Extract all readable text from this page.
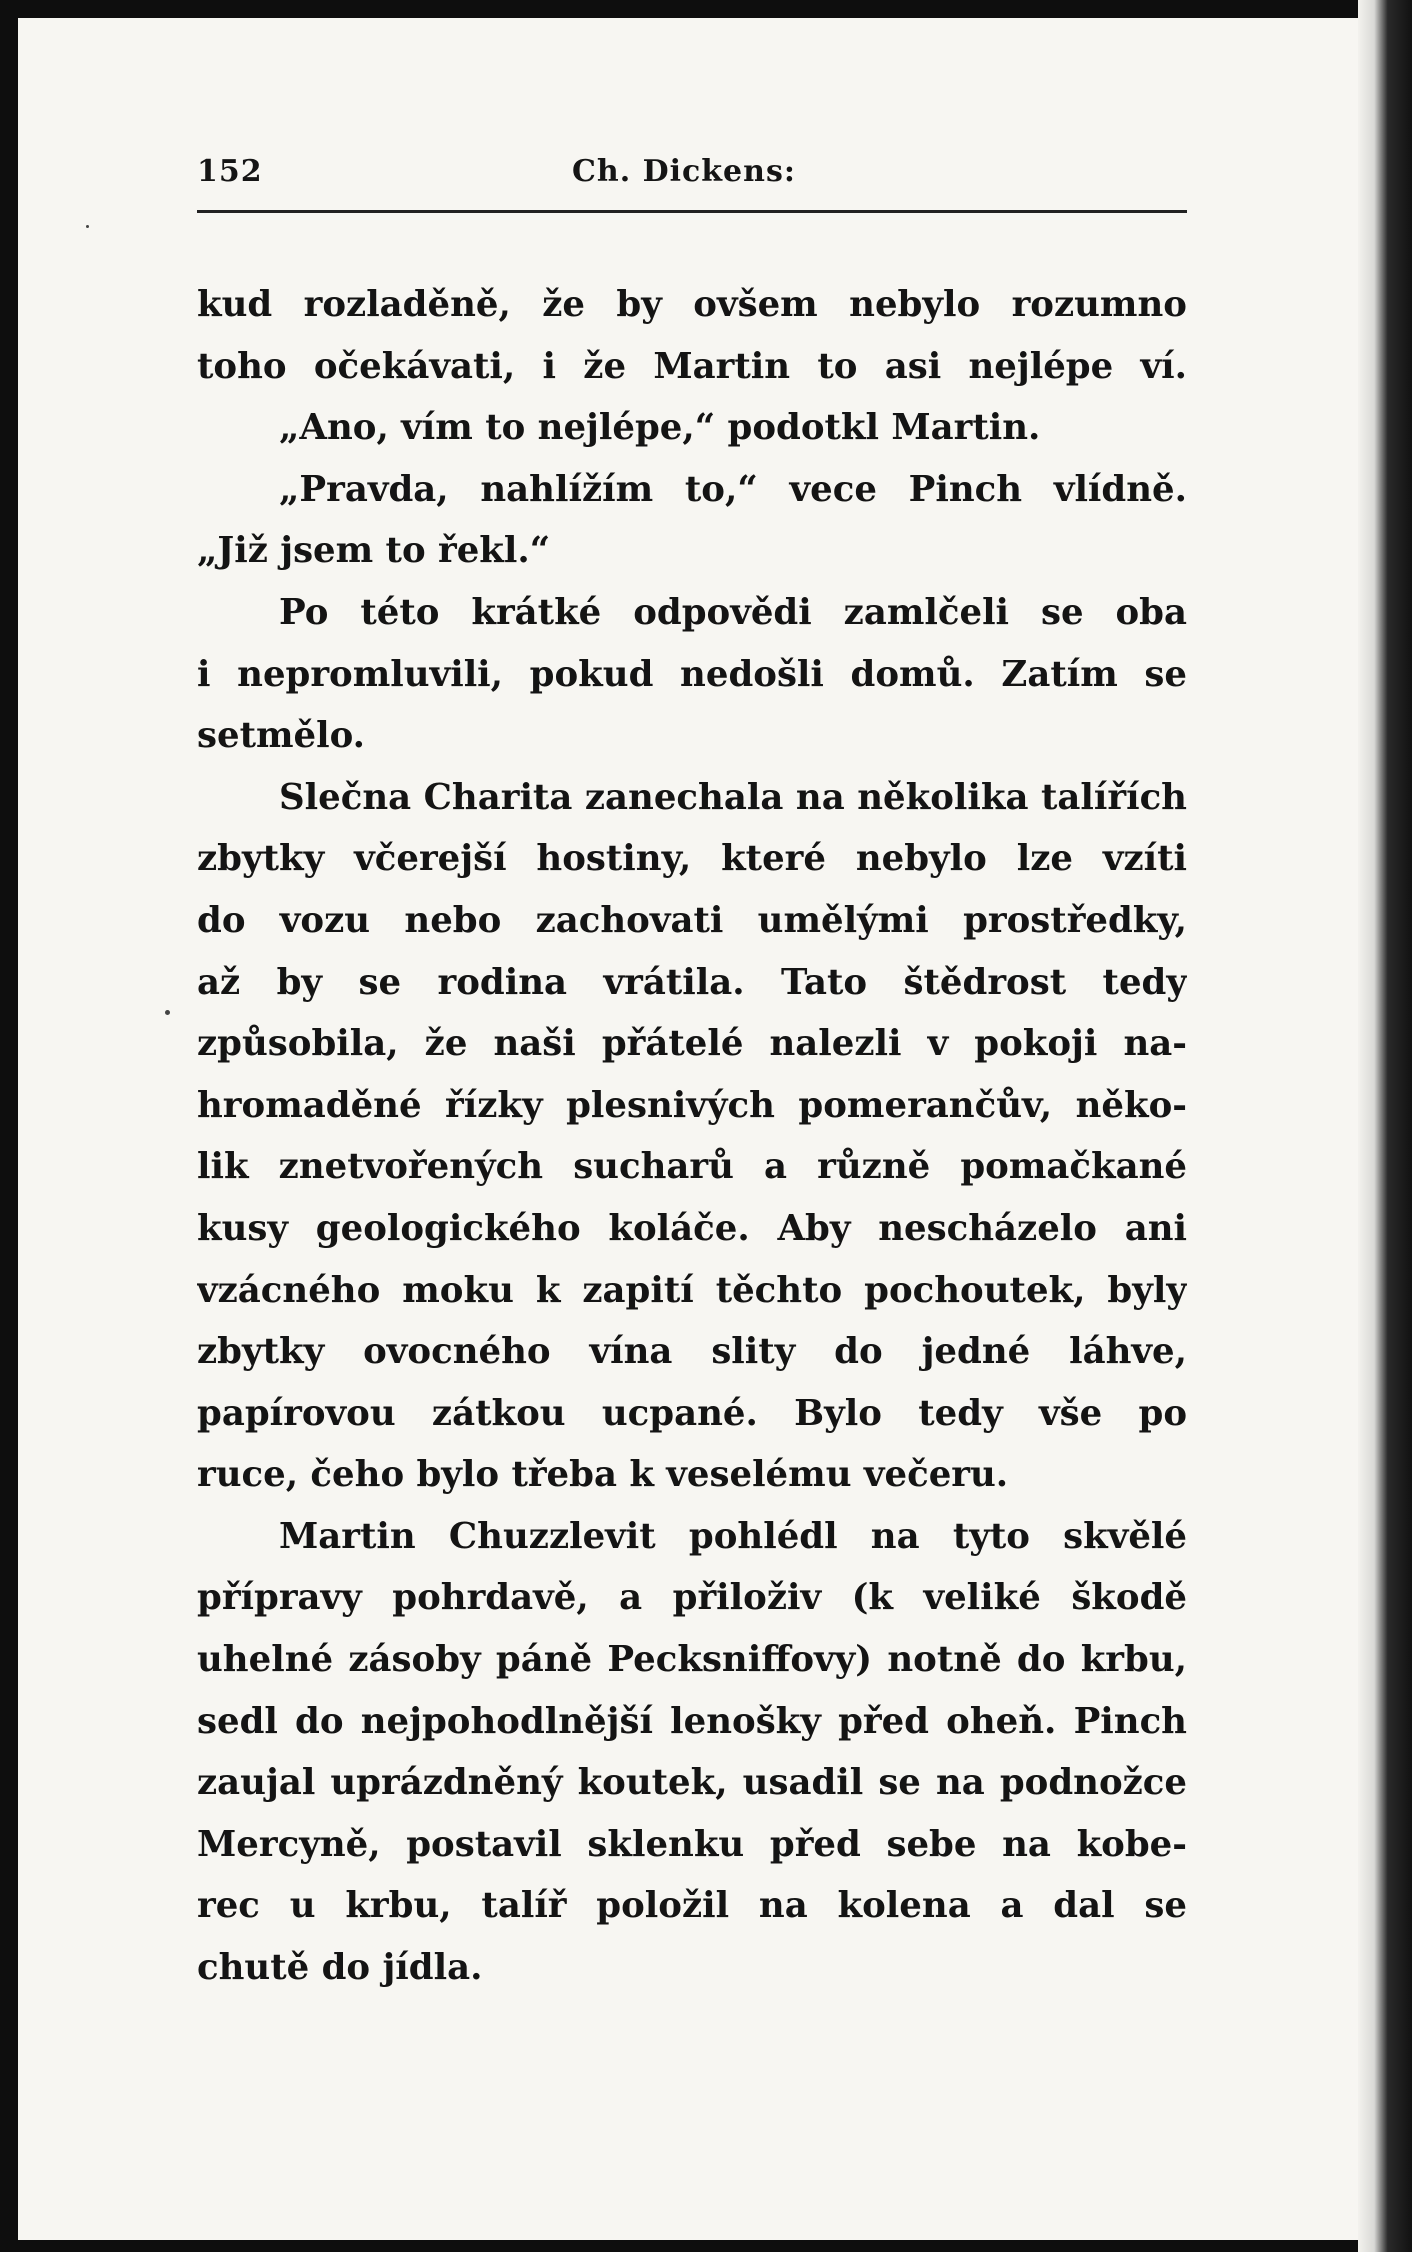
152	Ch. Dickens:
kud rozladěně, že by ovšem nebylo rozumno
toho očekávati, i že Martin to asi nejlépe ví.
„Ano, vím to nejlépe,“ podotkl Martin.
„Pravda, nahlížím to,“ vece Pinch vlídně.
„Již jsem to řekl.“
Po této krátké odpovědi zamlčeli se oba
i nepromluvili, pokud nedošli domů. Zatím se
setmělo.
Slečna Charita zanechala na několika talířích
zbytky včerejší hostiny, které nebylo lze vzíti
do vozu nebo zachovati umělými prostředky,
až by se rodina vrátila. Tato štědrost tedy
způsobila, že naši přátelé nalezli v pokoji na-
hromaděné řízky plesnivých pomerančův, něko-
lik znetvořených sucharů a různě pomačkané
kusy geologického koláče. Aby nescházelo ani
vzácného moku k zapití těchto pochoutek, byly
zbytky ovocného vína slity do jedné láhve,
papírovou zátkou ucpané. Bylo tedy vše po
ruce, čeho bylo třeba k veselému večeru.
Martin Chuzzlevit pohlédl na tyto skvělé
přípravy pohrdavě, a přiloživ (k veliké škodě
uhelné zásoby páně Pecksniffovy) notně do krbu,
sedl do nejpohodlnější lenošky před oheň. Pinch
zaujal uprázdněný koutek, usadil se na podnožce
Mercyně, postavil sklenku před sebe na kobe-
rec u krbu, talíř položil na kolena a dal se
chutě do jídla.
